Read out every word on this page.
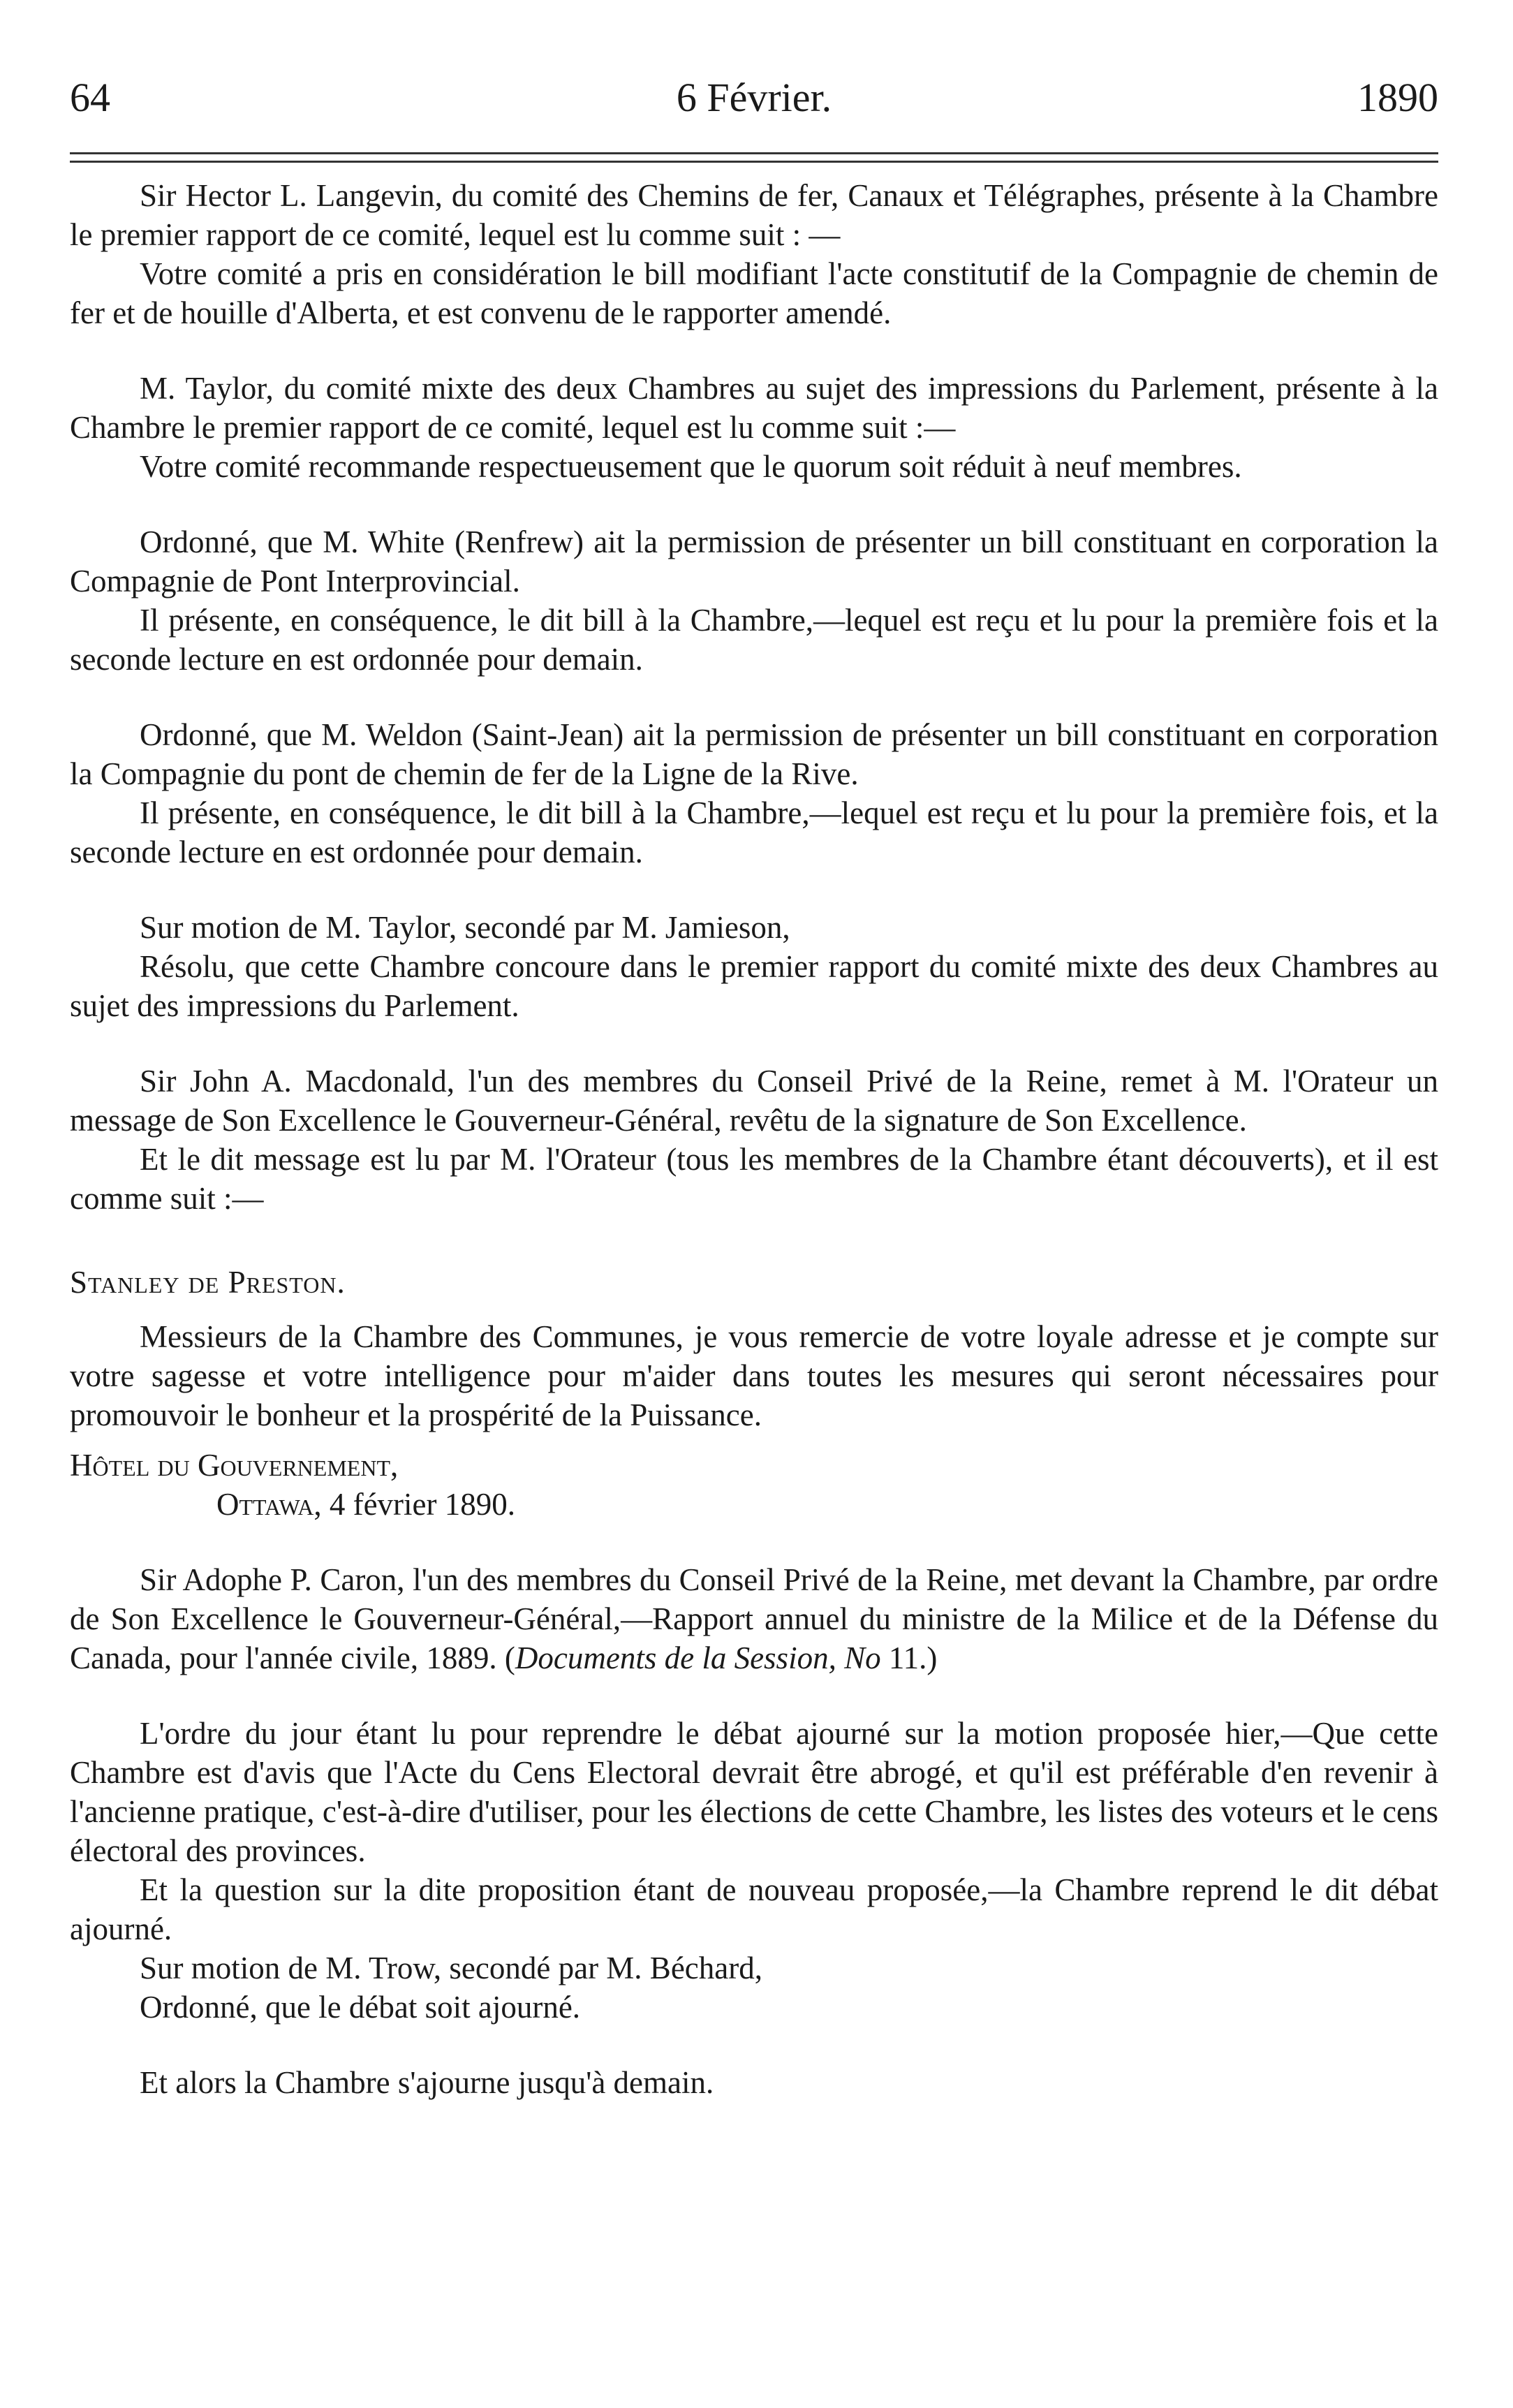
64	6 Février.	1890

Sir Hector L. Langevin, du comité des Chemins de fer, Canaux et Télégraphes, présente à la Chambre le premier rapport de ce comité, lequel est lu comme suit : —

Votre comité a pris en considération le bill modifiant l'acte constitutif de la Compagnie de chemin de fer et de houille d'Alberta, et est convenu de le rapporter amendé.

M. Taylor, du comité mixte des deux Chambres au sujet des impressions du Parlement, présente à la Chambre le premier rapport de ce comité, lequel est lu comme suit :—

Votre comité recommande respectueusement que le quorum soit réduit à neuf membres.

Ordonné, que M. White (Renfrew) ait la permission de présenter un bill constituant en corporation la Compagnie de Pont Interprovincial.

Il présente, en conséquence, le dit bill à la Chambre,—lequel est reçu et lu pour la première fois et la seconde lecture en est ordonnée pour demain.

Ordonné, que M. Weldon (Saint-Jean) ait la permission de présenter un bill constituant en corporation la Compagnie du pont de chemin de fer de la Ligne de la Rive.

Il présente, en conséquence, le dit bill à la Chambre,—lequel est reçu et lu pour la première fois, et la seconde lecture en est ordonnée pour demain.

Sur motion de M. Taylor, secondé par M. Jamieson,

Résolu, que cette Chambre concoure dans le premier rapport du comité mixte des deux Chambres au sujet des impressions du Parlement.

Sir John A. Macdonald, l'un des membres du Conseil Privé de la Reine, remet à M. l'Orateur un message de Son Excellence le Gouverneur-Général, revêtu de la signature de Son Excellence.

Et le dit message est lu par M. l'Orateur (tous les membres de la Chambre étant découverts), et il est comme suit :—

Stanley de Preston.

Messieurs de la Chambre des Communes, je vous remercie de votre loyale adresse et je compte sur votre sagesse et votre intelligence pour m'aider dans toutes les mesures qui seront nécessaires pour promouvoir le bonheur et la prospérité de la Puissance.

Hôtel du Gouvernement,
Ottawa, 4 février 1890.

Sir Adophe P. Caron, l'un des membres du Conseil Privé de la Reine, met devant la Chambre, par ordre de Son Excellence le Gouverneur-Général,—Rapport annuel du ministre de la Milice et de la Défense du Canada, pour l'année civile, 1889. (Documents de la Session, No 11.)

L'ordre du jour étant lu pour reprendre le débat ajourné sur la motion proposée hier,—Que cette Chambre est d'avis que l'Acte du Cens Electoral devrait être abrogé, et qu'il est préférable d'en revenir à l'ancienne pratique, c'est-à-dire d'utiliser, pour les élections de cette Chambre, les listes des voteurs et le cens électoral des provinces.

Et la question sur la dite proposition étant de nouveau proposée,—la Chambre reprend le dit débat ajourné.

Sur motion de M. Trow, secondé par M. Béchard,

Ordonné, que le débat soit ajourné.

Et alors la Chambre s'ajourne jusqu'à demain.
